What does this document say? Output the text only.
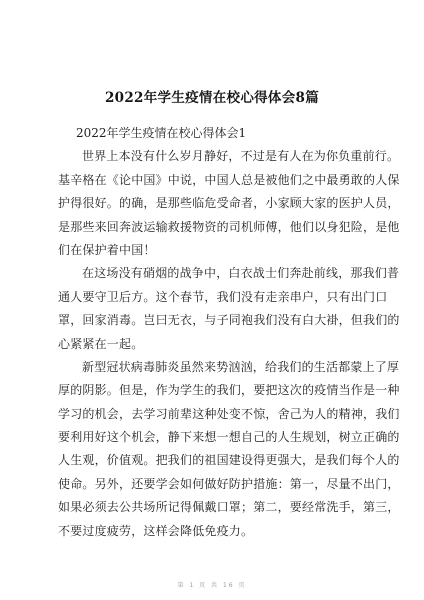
2022年学生疫情在校心得体会8篇
2022年学生疫情在校心得体会1
世界上本没有什么岁月静好，不过是有人在为你负重前行。
基辛格在《论中国》中说，中国人总是被他们之中最勇敢的人保
护得很好。的确，是那些临危受命者，小家顾大家的医护人员，
是那些来回奔波运输救援物资的司机师傅，他们以身犯险，是他
们在保护着中国！
在这场没有硝烟的战争中，白衣战士们奔赴前线，那我们普
通人要守卫后方。这个春节，我们没有走亲串户，只有出门口
罩，回家消毒。岂曰无衣，与子同袍我们没有白大褂，但我们的
心紧紧在一起。
新型冠状病毒肺炎虽然来势汹汹，给我们的生活都蒙上了厚
厚的阴影。但是，作为学生的我们，要把这次的疫情当作是一种
学习的机会，去学习前辈这种处变不惊，舍己为人的精神，我们
要利用好这个机会，静下来想一想自己的人生规划，树立正确的
人生观，价值观。把我们的祖国建设得更强大，是我们每个人的
使命。另外，还要学会如何做好防护措施：第一，尽量不出门，
如果必须去公共场所记得佩戴口罩；第二，要经常洗手，第三，
不要过度疲劳，这样会降低免疫力。
第 1 页 共 16 页
